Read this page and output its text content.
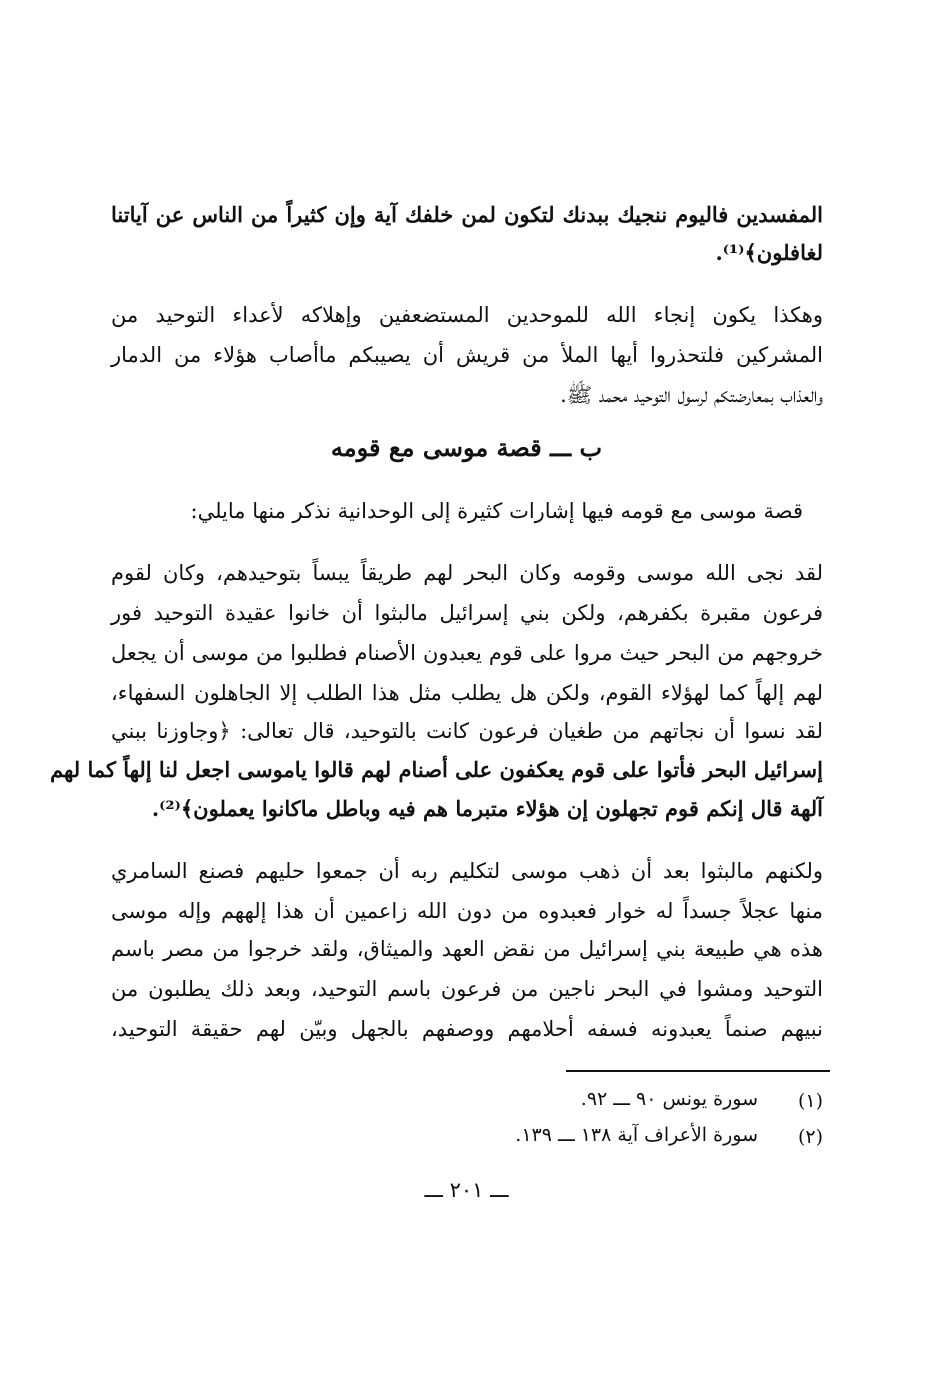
المفسدين فاليوم ننجيك ببدنك لتكون لمن خلفك آية وإن كثيراً من الناس عن آياتنا
لغافلون﴾⁽¹⁾.
وهكذا يكون إنجاء الله للموحدين المستضعفين وإهلاكه لأعداء التوحيد من
المشركين فلتحذروا أيها الملأ من قريش أن يصيبكم ماأصاب هؤلاء من الدمار
والعذاب بمعارضتكم لرسول التوحيد محمد ﷺ.
ب ـــ قصة موسى مع قومه
قصة موسى مع قومه فيها إشارات كثيرة إلى الوحدانية نذكر منها مايلي:
لقد نجى الله موسى وقومه وكان البحر لهم طريقاً يبساً بتوحيدهم، وكان لقوم
فرعون مقبرة بكفرهم، ولكن بني إسرائيل مالبثوا أن خانوا عقيدة التوحيد فور
خروجهم من البحر حيث مروا على قوم يعبدون الأصنام فطلبوا من موسى أن يجعل
لهم إلهاً كما لهؤلاء القوم، ولكن هل يطلب مثل هذا الطلب إلا الجاهلون السفهاء،
لقد نسوا أن نجاتهم من طغيان فرعون كانت بالتوحيد، قال تعالى: ﴿وجاوزنا ببني
إسرائيل البحر فأتوا على قوم يعكفون على أصنام لهم قالوا ياموسى اجعل لنا إلهاً كما لهم
آلهة قال إنكم قوم تجهلون إن هؤلاء متبرما هم فيه وباطل ماكانوا يعملون﴾⁽²⁾.
ولكنهم مالبثوا بعد أن ذهب موسى لتكليم ربه أن جمعوا حليهم فصنع السامري
منها عجلاً جسداً له خوار فعبدوه من دون الله زاعمين أن هذا إلههم وإله موسى
هذه هي طبيعة بني إسرائيل من نقض العهد والميثاق، ولقد خرجوا من مصر باسم
التوحيد ومشوا في البحر ناجين من فرعون باسم التوحيد، وبعد ذلك يطلبون من
نبيهم صنماً يعبدونه فسفه أحلامهم ووصفهم بالجهل وبيّن لهم حقيقة التوحيد،
(١)
سورة يونس ٩٠ ـــ ٩٢.
(٢)
سورة الأعراف آية ١٣٨ ـــ ١٣٩.
ـــ ٢٠١ ـــ
